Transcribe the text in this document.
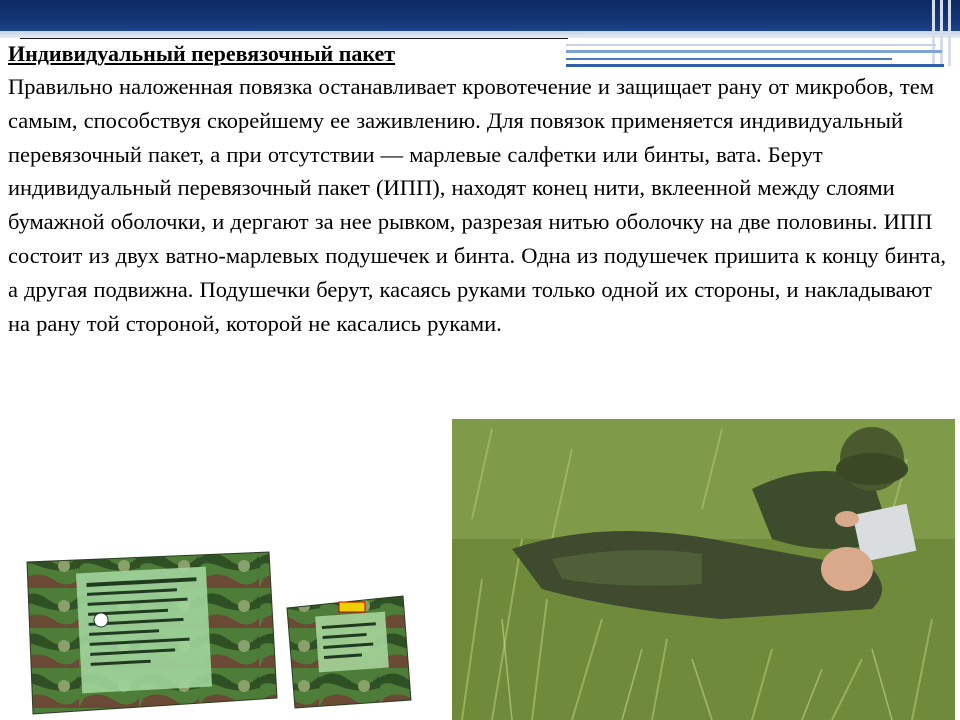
Индивидуальный перевязочный пакет
Правильно наложенная повязка останавливает кровотечение и защищает рану от микробов, тем самым, способствуя скорейшему ее заживлению. Для повязок применяется индивидуальный перевязочный пакет, а при отсутствии — марлевые салфетки или бинты, вата. Берут индивидуальный перевязочный пакет (ИПП), находят конец нити, вклеенной между слоями бумажной оболочки, и дергают за нее рывком, разрезая нитью оболочку на две половины. ИПП состоит из двух ватно-марлевых подушечек и бинта. Одна из подушечек пришита к концу бинта, а другая подвижна. Подушечки берут, касаясь руками только одной их стороны, и накладывают на рану той стороной, которой не касались руками.
